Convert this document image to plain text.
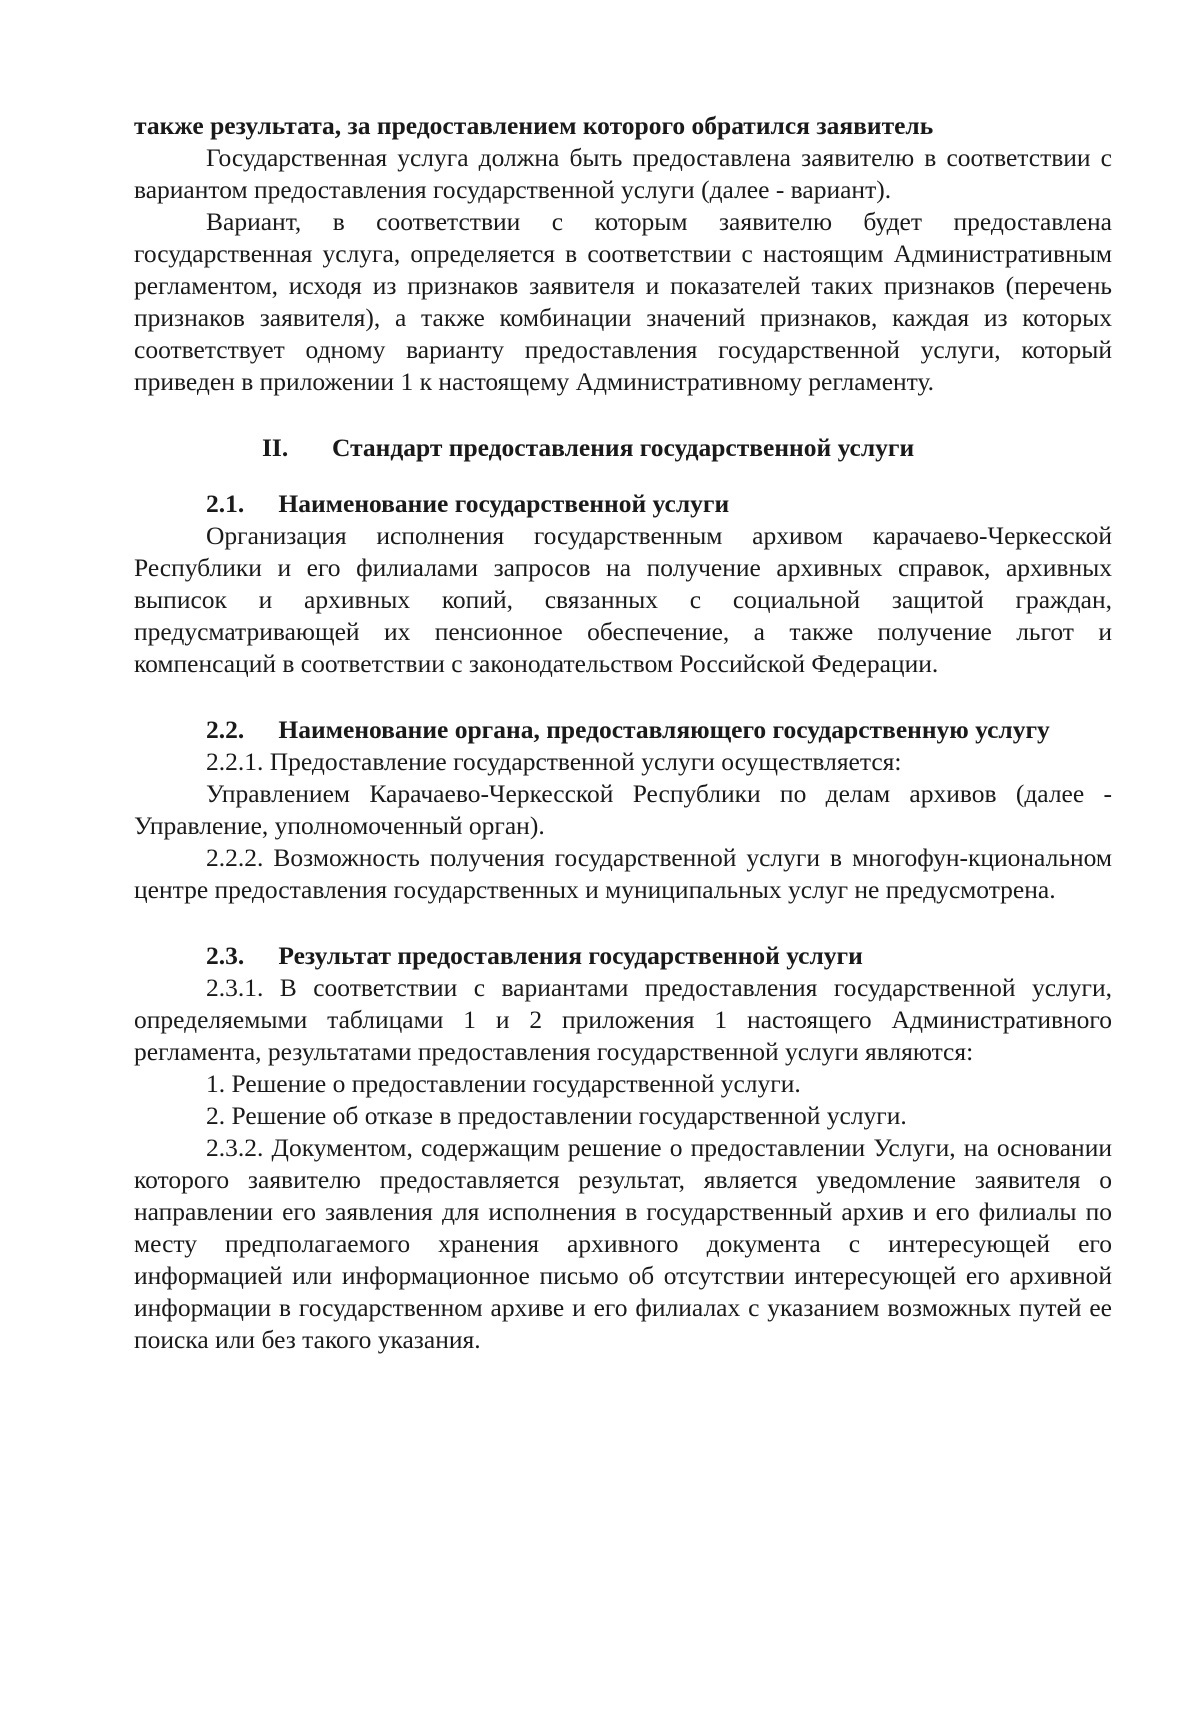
также результата, за предоставлением которого обратился заявитель

Государственная услуга должна быть предоставлена заявителю в соответствии с вариантом предоставления государственной услуги (далее - вариант).

Вариант, в соответствии с которым заявителю будет предоставлена государственная услуга, определяется в соответствии с настоящим Административным регламентом, исходя из признаков заявителя и показателей таких признаков (перечень признаков заявителя), а также комбинации значений признаков, каждая из которых соответствует одному варианту предоставления государственной услуги, который приведен в приложении 1 к настоящему Административному регламенту.

II. Стандарт предоставления государственной услуги

2.1. Наименование государственной услуги

Организация исполнения государственным архивом карачаево-Черкесской Республики и его филиалами запросов на получение архивных справок, архивных выписок и архивных копий, связанных с социальной защитой граждан, предусматривающей их пенсионное обеспечение, а также получение льгот и компенсаций в соответствии с законодательством Российской Федерации.

2.2. Наименование органа, предоставляющего государственную услугу

2.2.1. Предоставление государственной услуги осуществляется:

Управлением Карачаево-Черкесской Республики по делам архивов (далее - Управление, уполномоченный орган).

2.2.2. Возможность получения государственной услуги в многофун-кциональном центре предоставления государственных и муниципальных услуг не предусмотрена.

2.3. Результат предоставления государственной услуги

2.3.1. В соответствии с вариантами предоставления государственной услуги, определяемыми таблицами 1 и 2 приложения 1 настоящего Административного регламента, результатами предоставления государственной услуги являются:

1. Решение о предоставлении государственной услуги.

2. Решение об отказе в предоставлении государственной услуги.

2.3.2. Документом, содержащим решение о предоставлении Услуги, на основании которого заявителю предоставляется результат, является уведомление заявителя о направлении его заявления для исполнения в государственный архив и его филиалы по месту предполагаемого хранения архивного документа с интересующей его информацией или информационное письмо об отсутствии интересующей его архивной информации в государственном архиве и его филиалах с указанием возможных путей ее поиска или без такого указания.
